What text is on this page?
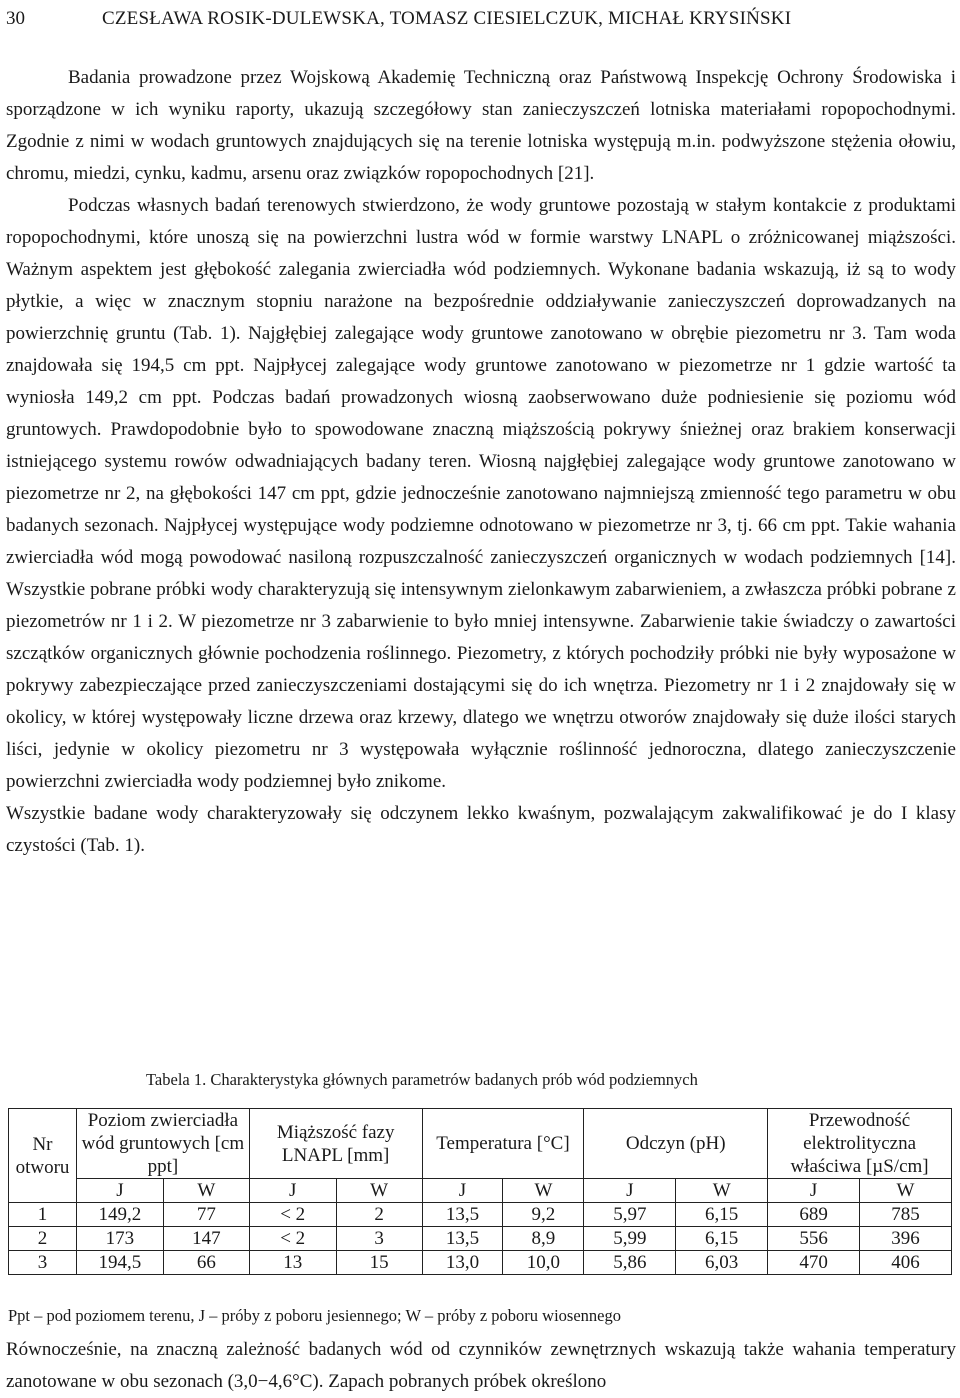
30	CZESŁAWA ROSIK-DULEWSKA, TOMASZ CIESIELCZUK, MICHAŁ KRYSIŃSKI

Badania prowadzone przez Wojskową Akademię Techniczną oraz Państwową Inspekcję Ochrony Środowiska i sporządzone w ich wyniku raporty, ukazują szczegółowy stan zanieczyszczeń lotniska materiałami ropopochodnymi. Zgodnie z nimi w wodach gruntowych znajdujących się na terenie lotniska występują m.in. podwyższone stężenia ołowiu, chromu, miedzi, cynku, kadmu, arsenu oraz związków ropopochodnych [21].

Podczas własnych badań terenowych stwierdzono, że wody gruntowe pozostają w stałym kontakcie z produktami ropopochodnymi, które unoszą się na powierzchni lustra wód w formie warstwy LNAPL o zróżnicowanej miąższości. Ważnym aspektem jest głębokość zalegania zwierciadła wód podziemnych. Wykonane badania wskazują, iż są to wody płytkie, a więc w znacznym stopniu narażone na bezpośrednie oddziaływanie zanieczyszczeń doprowadzanych na powierzchnię gruntu (Tab. 1). Najgłębiej zalegające wody gruntowe zanotowano w obrębie piezometru nr 3. Tam woda znajdowała się 194,5 cm ppt. Najpłycej zalegające wody gruntowe zanotowano w piezometrze nr 1 gdzie wartość ta wyniosła 149,2 cm ppt. Podczas badań prowadzonych wiosną zaobserwowano duże podniesienie się poziomu wód gruntowych. Prawdopodobnie było to spowodowane znaczną miąższością pokrywy śnieżnej oraz brakiem konserwacji istniejącego systemu rowów odwadniających badany teren. Wiosną najgłębiej zalegające wody gruntowe zanotowano w piezometrze nr 2, na głębokości 147 cm ppt, gdzie jednocześnie zanotowano najmniejszą zmienność tego parametru w obu badanych sezonach. Najpłycej występujące wody podziemne odnotowano w piezometrze nr 3, tj. 66 cm ppt. Takie wahania zwierciadła wód mogą powodować nasiloną rozpuszczalność zanieczyszczeń organicznych w wodach podziemnych [14]. Wszystkie pobrane próbki wody charakteryzują się intensywnym zielonkawym zabarwieniem, a zwłaszcza próbki pobrane z piezometrów nr 1 i 2. W piezometrze nr 3 zabarwienie to było mniej intensywne. Zabarwienie takie świadczy o zawartości szczątków organicznych głównie pochodzenia roślinnego. Piezometry, z których pochodziły próbki nie były wyposażone w pokrywy zabezpieczające przed zanieczyszczeniami dostającymi się do ich wnętrza. Piezometry nr 1 i 2 znajdowały się w okolicy, w której występowały liczne drzewa oraz krzewy, dlatego we wnętrzu otworów znajdowały się duże ilości starych liści, jedynie w okolicy piezometru nr 3 występowała wyłącznie roślinność jednoroczna, dlatego zanieczyszczenie powierzchni zwierciadła wody podziemnej było znikome.

Wszystkie badane wody charakteryzowały się odczynem lekko kwaśnym, pozwalającym zakwalifikować je do I klasy czystości (Tab. 1).

Tabela 1. Charakterystyka głównych parametrów badanych prób wód podziemnych
Nr otworu	Poziom zwierciadła wód gruntowych [cm ppt]		Miąższość fazy LNAPL [mm]		Temperatura [°C]		Odczyn (pH)		Przewodność elektrolityczna właściwa [µS/cm]	
	J	W	J	W	J	W	J	W	J	W
1	149,2	77	< 2	2	13,5	9,2	5,97	6,15	689	785
2	173	147	< 2	3	13,5	8,9	5,99	6,15	556	396
3	194,5	66	13	15	13,0	10,0	5,86	6,03	470	406
Ppt – pod poziomem terenu, J – próby z poboru jesiennego; W – próby z poboru wiosennego

Równocześnie, na znaczną zależność badanych wód od czynników zewnętrznych wskazują także wahania temperatury zanotowane w obu sezonach (3,0−4,6°C). Zapach pobranych próbek określono
